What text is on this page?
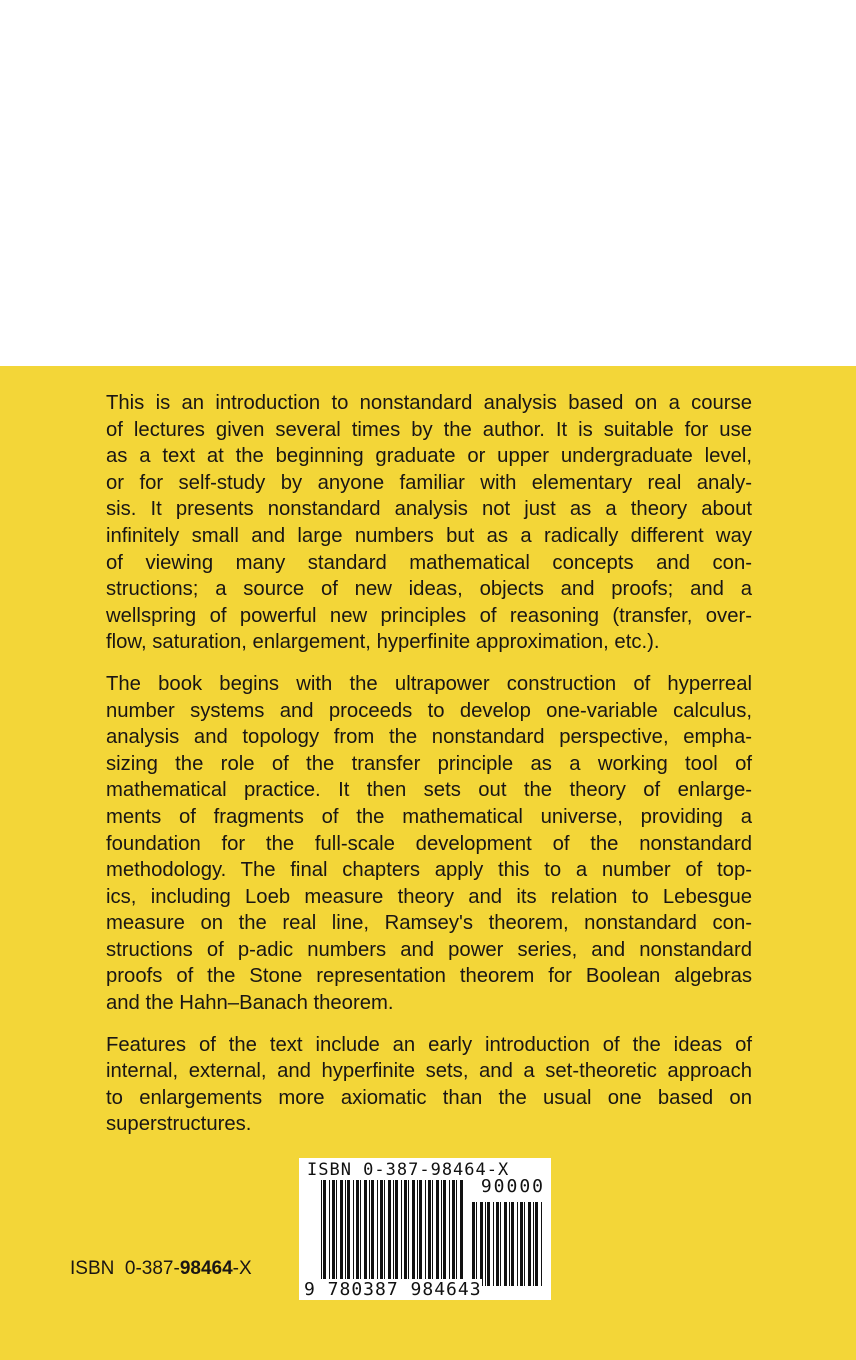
This is an introduction to nonstandard analysis based on a course
of lectures given several times by the author. It is suitable for use
as a text at the beginning graduate or upper undergraduate level,
or for self-study by anyone familiar with elementary real analy-
sis. It presents nonstandard analysis not just as a theory about
infinitely small and large numbers but as a radically different way
of viewing many standard mathematical concepts and con-
structions; a source of new ideas, objects and proofs; and a
wellspring of powerful new principles of reasoning (transfer, over-
flow, saturation, enlargement, hyperfinite approximation, etc.).
The book begins with the ultrapower construction of hyperreal
number systems and proceeds to develop one-variable calculus,
analysis and topology from the nonstandard perspective, empha-
sizing the role of the transfer principle as a working tool of
mathematical practice. It then sets out the theory of enlarge-
ments of fragments of the mathematical universe, providing a
foundation for the full-scale development of the nonstandard
methodology. The final chapters apply this to a number of top-
ics, including Loeb measure theory and its relation to Lebesgue
measure on the real line, Ramsey's theorem, nonstandard con-
structions of p-adic numbers and power series, and nonstandard
proofs of the Stone representation theorem for Boolean algebras
and the Hahn–Banach theorem.
Features of the text include an early introduction of the ideas of
internal, external, and hyperfinite sets, and a set-theoretic approach
to enlargements more axiomatic than the usual one based on
superstructures.
ISBN  0-387-98464-X
ISBN 0-387-98464-X
90000
9 780387 984643
